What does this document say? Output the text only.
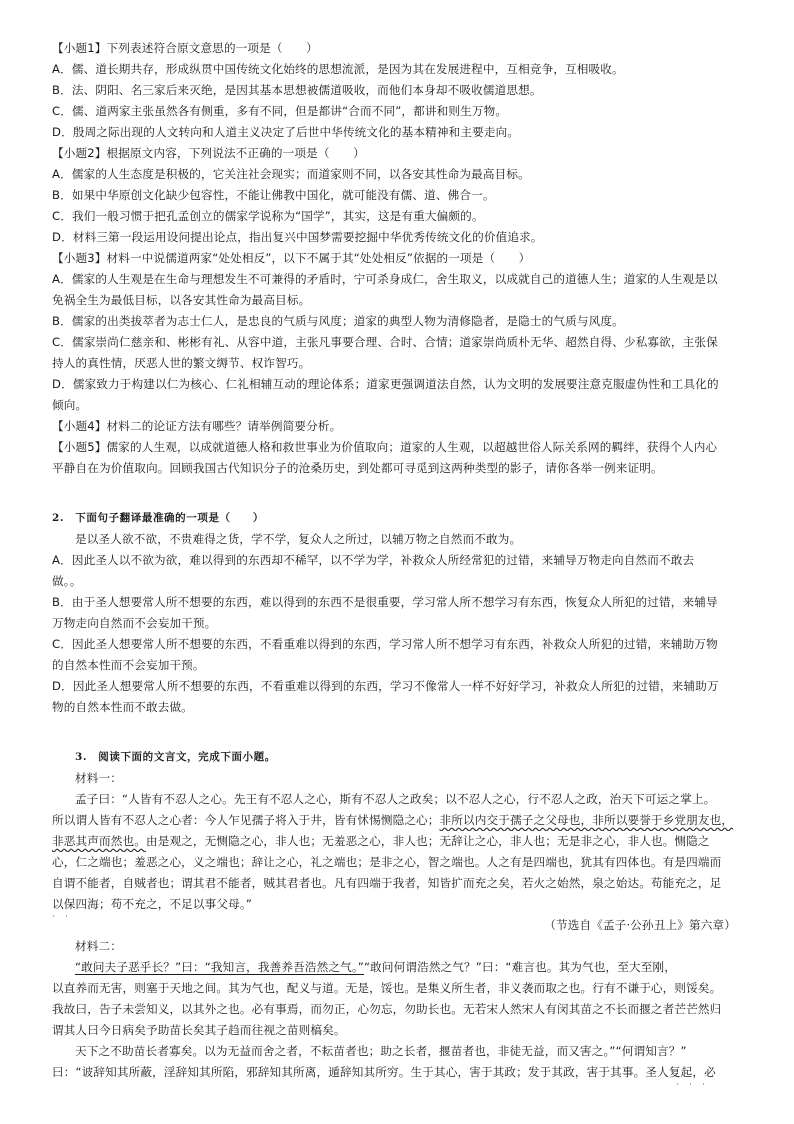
【小题1】下列表述符合原文意思的一项是（　　）
A．儒、道长期共存，形成纵贯中国传统文化始终的思想流派，是因为其在发展进程中，互相竞争，互相吸收。
B．法、阴阳、名三家后来灭绝，是因其基本思想被儒道吸收，而他们本身却不吸收儒道思想。
C．儒、道两家主张虽然各有侧重，多有不同，但是都讲“合而不同”，都讲和则生万物。
D．殷周之际出现的人文转向和人道主义决定了后世中华传统文化的基本精神和主要走向。
【小题2】根据原文内容，下列说法不正确的一项是（　　）
A．儒家的人生态度是积极的，它关注社会现实；而道家则不同，以各安其性命为最高目标。
B．如果中华原创文化缺少包容性，不能让佛教中国化，就可能没有儒、道、佛合一。
C．我们一般习惯于把孔孟创立的儒家学说称为“国学”，其实，这是有重大偏颇的。
D．材料三第一段运用设问提出论点，指出复兴中国梦需要挖掘中华优秀传统文化的价值追求。
【小题3】材料一中说儒道两家“处处相反”，以下不属于其“处处相反”依据的一项是（　　）
A．儒家的人生观是在生命与理想发生不可兼得的矛盾时，宁可杀身成仁，舍生取义，以成就自己的道德人生；道家的人生观是以
免祸全生为最低目标，以各安其性命为最高目标。
B．儒家的出类拔萃者为志士仁人，是忠良的气质与风度；道家的典型人物为清修隐者，是隐士的气质与风度。
C．儒家崇尚仁慈亲和、彬彬有礼、从容中道，主张凡事要合理、合时、合情；道家崇尚质朴无华、超然自得、少私寡欲，主张保
持人的真性情，厌恶人世的繁文缛节、权诈智巧。
D．儒家致力于构建以仁为核心、仁礼相辅互动的理论体系；道家更强调道法自然，认为文明的发展要注意克服虚伪性和工具化的
倾向。
【小题4】材料二的论证方法有哪些？请举例简要分析。
【小题5】儒家的人生观，以成就道德人格和救世事业为价值取向；道家的人生观，以超越世俗人际关系网的羁绊，获得个人内心
平静自在为价值取向。回顾我国古代知识分子的沧桑历史，到处都可寻觅到这两种类型的影子，请你各举一例来证明。
2.　下面句子翻译最准确的一项是（　　）
是以圣人欲不欲，不贵难得之货，学不学，复众人之所过，以辅万物之自然而不敢为。
A．因此圣人以不欲为欲，难以得到的东西却不稀罕，以不学为学，补救众人所经常犯的过错，来辅导万物走向自然而不敢去
做。。
B．由于圣人想要常人所不想要的东西，难以得到的东西不是很重要，学习常人所不想学习有东西，恢复众人所犯的过错，来辅导
万物走向自然而不会妄加干预。
C．因此圣人想要常人所不想要的东西，不看重难以得到的东西，学习常人所不想学习有东西，补救众人所犯的过错，来辅助万物
的自然本性而不会妄加干预。
D．因此圣人想要常人所不想要的东西，不看重难以得到的东西，学习不像常人一样不好好学习，补救众人所犯的过错，来辅助万
物的自然本性而不敢去做。
3.　阅读下面的文言文，完成下面小题。
材料一：
孟子曰：“人皆有不忍人之心。先王有不忍人之心，斯有不忍人之政矣；以不忍人之心，行不忍人之政，治天下可运之掌上。
所以谓人皆有不忍人之心者：今人乍见孺子将入于井，皆有怵惕恻隐之心；非所以内交于孺子之父母也，非所以要誉于乡党朋友也，
非恶其声而然也。由是观之，无恻隐之心，非人也；无羞恶之心，非人也；无辞让之心，非人也；无是非之心，非人也。恻隐之
心，仁之端也；羞恶之心，义之端也；辞让之心，礼之端也；是非之心，智之端也。人之有是四端也，犹其有四体也。有是四端而
自谓不能者，自贼者也；谓其君不能者，贼其君者也。凡有四端于我者，知皆扩而充之矣，若火之始然，泉之始达。苟能充之，足
以保四海；苟不充之，不足以事父母。”
· ·
（节选自《孟子·公孙丑上》第六章）
材料二：
“敢问夫子恶乎长？”曰：“我知言，我善养吾浩然之气。”“敢问何谓浩然之气？”曰：“难言也。其为气也，至大至刚，
以直养而无害，则塞于天地之间。其为气也，配义与道。无是，馁也。是集义所生者，非义袭而取之也。行有不谦于心，则馁矣。
我故曰，告子未尝知义，以其外之也。必有事焉，而勿正，心勿忘，勿助长也。无若宋人然宋人有闵其苗之不长而揠之者芒芒然归
谓其人曰今日病矣予助苗长矣其子趋而往视之苗则槁矣。
天下之不助苗长者寡矣。以为无益而舍之者，不耘苗者也；助之长者，揠苗者也，非徒无益，而又害之。”“何谓知言？”
曰：“诐辞知其所蔽，淫辞知其所陷，邪辞知其所离，遁辞知其所穷。生于其心，害于其政；发于其政，害于其事。圣人复起，必
· · ·
